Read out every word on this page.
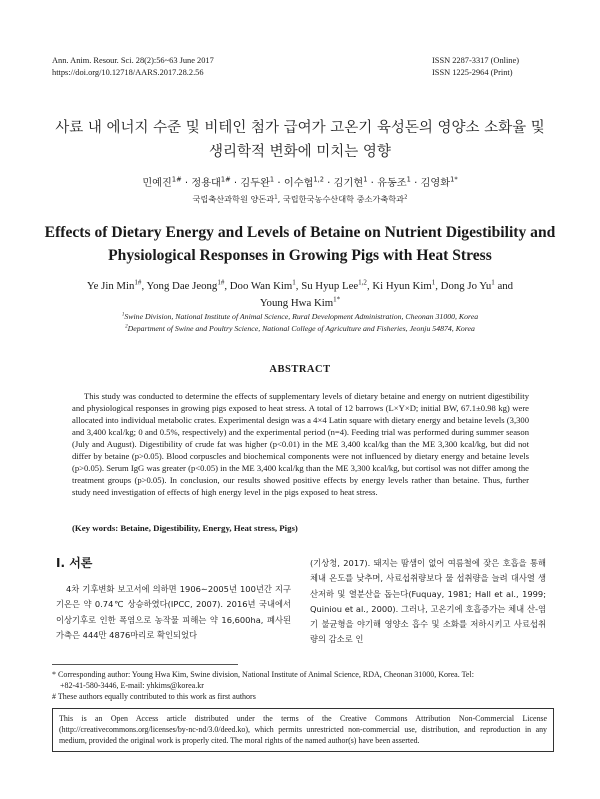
Ann. Anim. Resour. Sci. 28(2):56~63 June 2017
https://doi.org/10.12718/AARS.2017.28.2.56
ISSN 2287-3317 (Online)
ISSN 1225-2964 (Print)
사료 내 에너지 수준 및 비테인 첨가 급여가 고온기 육성돈의 영양소 소화율 및
생리학적 변화에 미치는 영향
민예진$^{1\#}$ · 정용대$^{1\#}$ · 김두완$^1$ · 이수협$^{1,2}$ · 김기현$^1$ · 유동조$^1$ · 김영화$^{1*}$
국립축산과학원 양돈과$^1$, 국립한국농수산대학 중소가축학과$^2$
Effects of Dietary Energy and Levels of Betaine on Nutrient Digestibility and
Physiological Responses in Growing Pigs with Heat Stress
Ye Jin Min$^{1\#}$, Yong Dae Jeong$^{1\#}$, Doo Wan Kim$^1$, Su Hyup Lee$^{1,2}$, Ki Hyun Kim$^1$, Dong Jo Yu$^1$ and
Young Hwa Kim$^{1*}$
$^1$Swine Division, National Institute of Animal Science, Rural Development Administration, Cheonan 31000, Korea
$^2$Department of Swine and Poultry Science, National College of Agriculture and Fisheries, Jeonju 54874, Korea
ABSTRACT
This study was conducted to determine the effects of supplementary levels of dietary betaine and energy on nutrient digestibility and physiological responses in growing pigs exposed to heat stress. A total of 12 barrows (L×Y×D; initial BW, 67.1±0.98 kg) were allocated into individual metabolic crates. Experimental design was a 4×4 Latin square with dietary energy and betaine levels (3,300 and 3,400 kcal/kg; 0 and 0.5%, respectively) and the experimental period (n=4). Feeding trial was performed during summer season (July and August). Digestibility of crude fat was higher (p<0.01) in the ME 3,400 kcal/kg than the ME 3,300 kcal/kg, but did not differ by betaine (p>0.05). Blood corpuscles and biochemical components were not influenced by dietary energy and betaine levels (p>0.05). Serum IgG was greater (p<0.05) in the ME 3,400 kcal/kg than the ME 3,300 kcal/kg, but cortisol was not differ among the treatment groups (p>0.05). In conclusion, our results showed positive effects by energy levels rather than betaine. Thus, further study need investigation of effects of high energy level in the pigs exposed to heat stress.
(Key words: Betaine, Digestibility, Energy, Heat stress, Pigs)
Ⅰ. 서론
4차 기후변화 보고서에 의하면 1906∼2005년 100년간 지구 기온은 약 0.74℃ 상승하였다(IPCC, 2007). 2016년 국내에서 이상기후로 인한 폭염으로 농작물 피해는 약 16,600ha, 폐사된 가축은 444만 4876마리로 확인되었다
(기상청, 2017). 돼지는 땀샘이 없어 여름철에 잦은 호흡을 통해 체내 온도를 낮추며, 사료섭취량보다 물 섭취량을 늘려 대사열 생산저하 및 열분산을 돕는다(Fuquay, 1981; Hall et al., 1999; Quiniou et al., 2000). 그러나, 고온기에 호흡증가는 체내 산-염기 불균형을 야기해 영양소 흡수 및 소화를 저하시키고 사료섭취량의 감소로 인

* Corresponding author: Young Hwa Kim, Swine division, National Institute of Animal Science, RDA, Cheonan 31000, Korea. Tel:

+82-41-580-3446, E-mail: yhkims@korea.kr

# These authors equally contributed to this work as first authors

This is an Open Access article distributed under the terms of the Creative Commons Attribution Non-Commercial License (http://creativecommons.org/licenses/by-nc-nd/3.0/deed.ko), which permits unrestricted non-commercial use, distribution, and reproduction in any medium, provided the original work is properly cited. The moral rights of the named author(s) have been asserted.
